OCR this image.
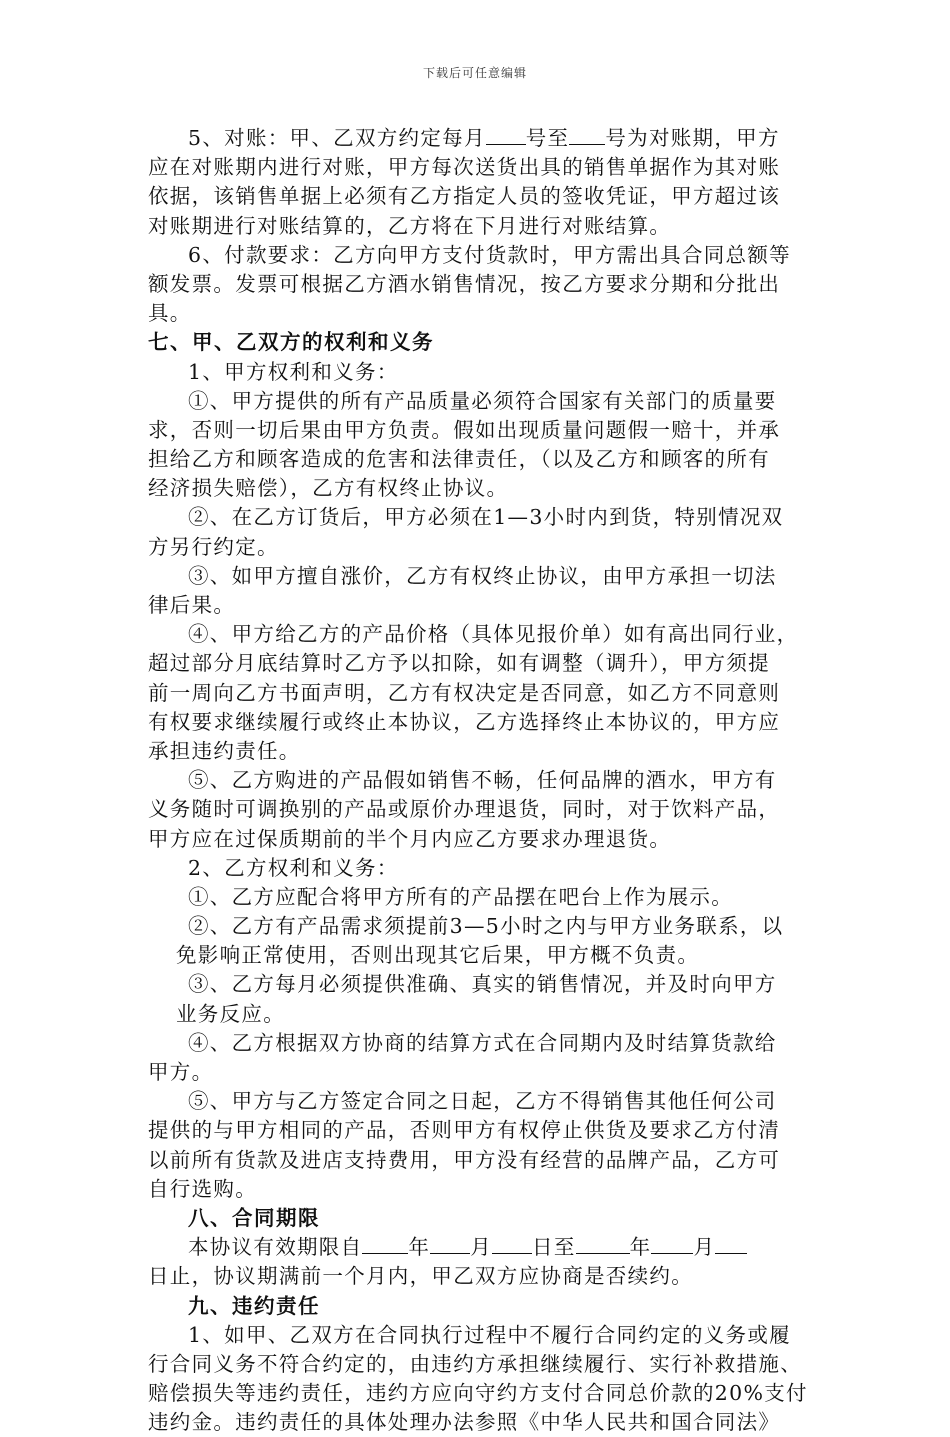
下载后可任意编辑
5、对账：甲、乙双方约定每月 号至 号为对账期，甲方
应在对账期内进行对账，甲方每次送货出具的销售单据作为其对账
依据，该销售单据上必须有乙方指定人员的签收凭证，甲方超过该
对账期进行对账结算的，乙方将在下月进行对账结算。
6、付款要求：乙方向甲方支付货款时，甲方需出具合同总额等
额发票。发票可根据乙方酒水销售情况，按乙方要求分期和分批出
具。
七、甲、乙双方的权利和义务
1、甲方权利和义务：
①、甲方提供的所有产品质量必须符合国家有关部门的质量要
求，否则一切后果由甲方负责。假如出现质量问题假一赔十，并承
担给乙方和顾客造成的危害和法律责任，（以及乙方和顾客的所有
经济损失赔偿），乙方有权终止协议。
②、在乙方订货后，甲方必须在1—3小时内到货，特别情况双
方另行约定。
③、如甲方擅自涨价，乙方有权终止协议，由甲方承担一切法
律后果。
④、甲方给乙方的产品价格（具体见报价单）如有高出同行业，
超过部分月底结算时乙方予以扣除，如有调整（调升），甲方须提
前一周向乙方书面声明，乙方有权决定是否同意，如乙方不同意则
有权要求继续履行或终止本协议，乙方选择终止本协议的，甲方应
承担违约责任。
⑤、乙方购进的产品假如销售不畅，任何品牌的酒水，甲方有
义务随时可调换别的产品或原价办理退货，同时，对于饮料产品，
甲方应在过保质期前的半个月内应乙方要求办理退货。
2、乙方权利和义务：
①、乙方应配合将甲方所有的产品摆在吧台上作为展示。
②、乙方有产品需求须提前3—5小时之内与甲方业务联系，以
免影响正常使用，否则出现其它后果，甲方概不负责。
③、乙方每月必须提供准确、真实的销售情况，并及时向甲方
业务反应。
④、乙方根据双方协商的结算方式在合同期内及时结算货款给
甲方。
⑤、甲方与乙方签定合同之日起，乙方不得销售其他任何公司
提供的与甲方相同的产品，否则甲方有权停止供货及要求乙方付清
以前所有货款及进店支持费用，甲方没有经营的品牌产品，乙方可
自行选购。
八、合同期限
本协议有效期限自 年 月 日至	年 月
日止，协议期满前一个月内，甲乙双方应协商是否续约。
九、违约责任
1、如甲、乙双方在合同执行过程中不履行合同约定的义务或履
行合同义务不符合约定的，由违约方承担继续履行、实行补救措施、
赔偿损失等违约责任，违约方应向守约方支付合同总价款的20%支付
违约金。违约责任的具体处理办法参照《中华人民共和国合同法》
